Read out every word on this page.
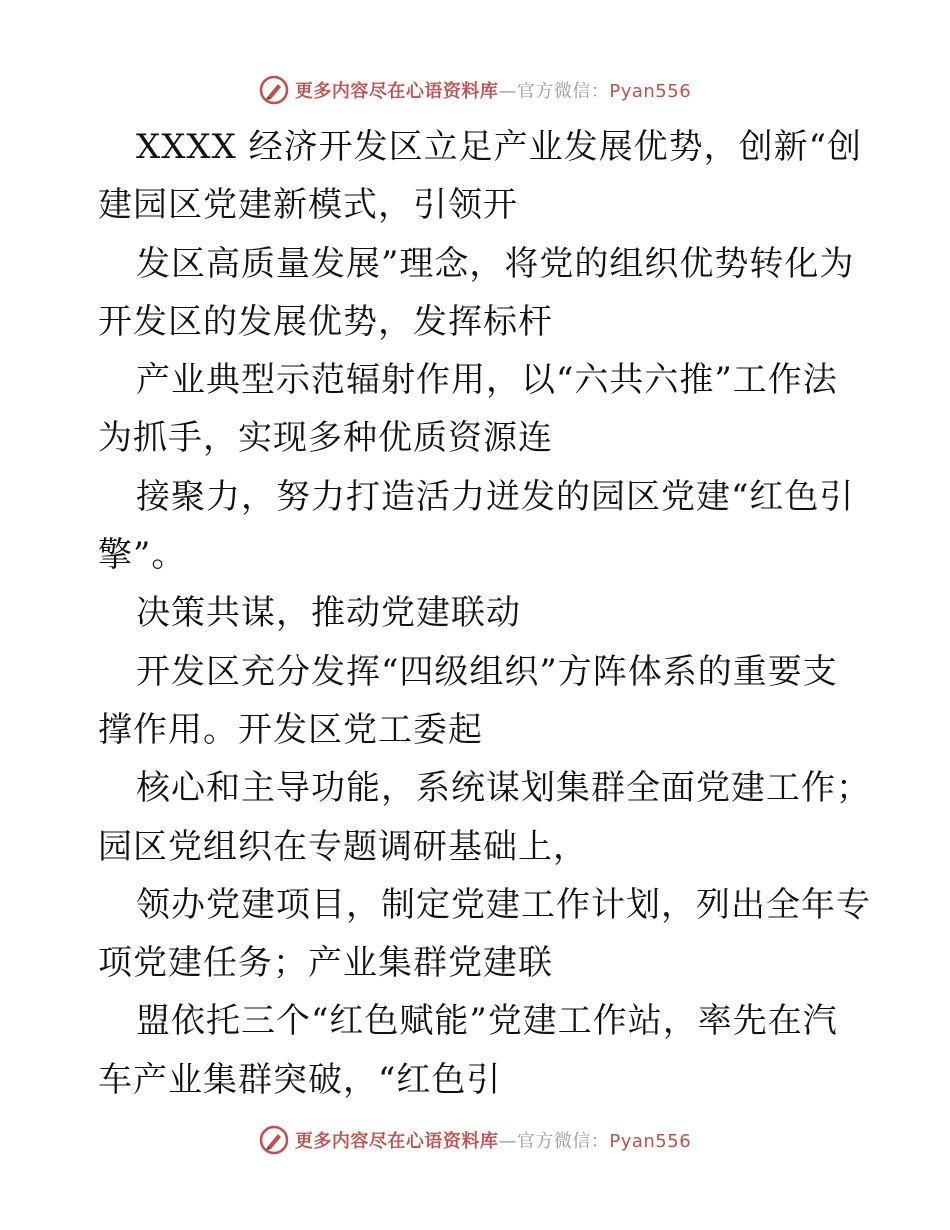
更多内容尽在心语资料库—官方微信：Pyan556
XXXX 经济开发区立足产业发展优势，创新“创
建园区党建新模式，引领开
发区高质量发展”理念，将党的组织优势转化为
开发区的发展优势，发挥标杆
产业典型示范辐射作用，以“六共六推”工作法
为抓手，实现多种优质资源连
接聚力，努力打造活力迸发的园区党建“红色引
擎”。
决策共谋，推动党建联动
开发区充分发挥“四级组织”方阵体系的重要支
撑作用。开发区党工委起
核心和主导功能，系统谋划集群全面党建工作；
园区党组织在专题调研基础上，
领办党建项目，制定党建工作计划，列出全年专
项党建任务；产业集群党建联
盟依托三个“红色赋能”党建工作站，率先在汽
车产业集群突破，“红色引
更多内容尽在心语资料库—官方微信：Pyan556
